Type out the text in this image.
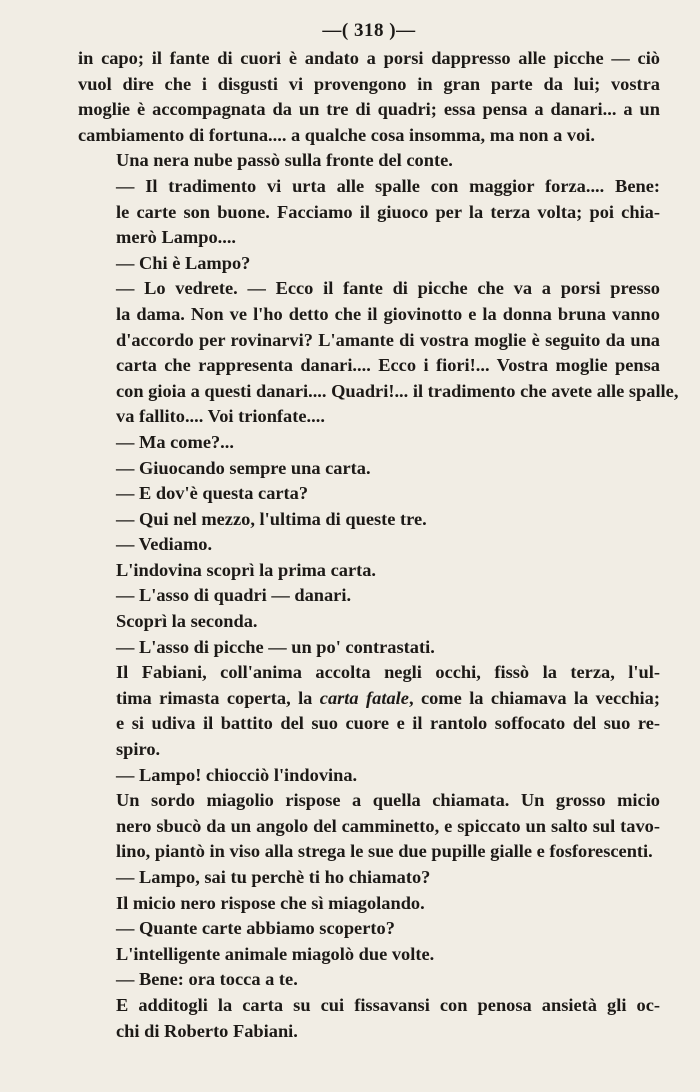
—( 318 )—
in capo; il fante di cuori è andato a porsi dappresso alle picche — ciò
vuol dire che i disgusti vi provengono in gran parte da lui; vostra
moglie è accompagnata da un tre di quadri; essa pensa a danari... a un
cambiamento di fortuna.... a qualche cosa insomma, ma non a voi.
Una nera nube passò sulla fronte del conte.
— Il tradimento vi urta alle spalle con maggior forza.... Bene:
le carte son buone. Facciamo il giuoco per la terza volta; poi chia-
merò Lampo....
— Chi è Lampo?
— Lo vedrete. — Ecco il fante di picche che va a porsi presso
la dama. Non ve l'ho detto che il giovinotto e la donna bruna vanno
d'accordo per rovinarvi? L'amante di vostra moglie è seguito da una
carta che rappresenta danari.... Ecco i fiori!... Vostra moglie pensa
con gioia a questi danari.... Quadri!... il tradimento che avete alle spalle,
va fallito.... Voi trionfate....
— Ma come?...
— Giuocando sempre una carta.
— E dov'è questa carta?
— Qui nel mezzo, l'ultima di queste tre.
— Vediamo.
L'indovina scoprì la prima carta.
— L'asso di quadri — danari.
Scoprì la seconda.
— L'asso di picche — un po' contrastati.
Il Fabiani, coll'anima accolta negli occhi, fissò la terza, l'ul-
tima rimasta coperta, la carta fatale, come la chiamava la vecchia;
e si udiva il battito del suo cuore e il rantolo soffocato del suo re-
spiro.
— Lampo! chiocciò l'indovina.
Un sordo miagolio rispose a quella chiamata. Un grosso micio
nero sbucò da un angolo del camminetto, e spiccato un salto sul tavo-
lino, piantò in viso alla strega le sue due pupille gialle e fosforescenti.
— Lampo, sai tu perchè ti ho chiamato?
Il micio nero rispose che sì miagolando.
— Quante carte abbiamo scoperto?
L'intelligente animale miagolò due volte.
— Bene: ora tocca a te.
E additogli la carta su cui fissavansi con penosa ansietà gli oc-
chi di Roberto Fabiani.
